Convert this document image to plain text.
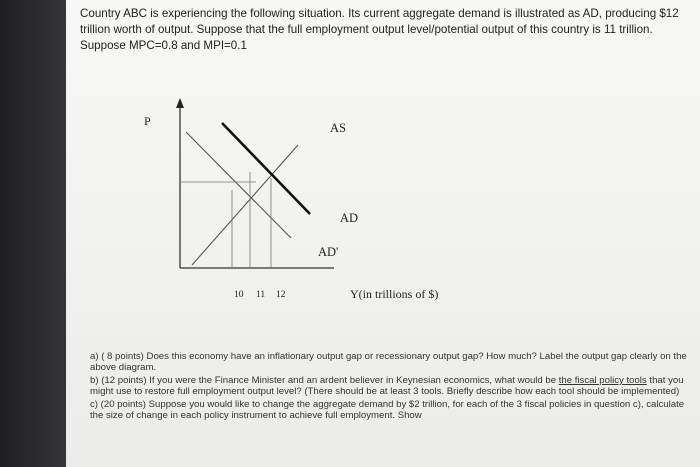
Country ABC is experiencing the following situation. Its current aggregate demand is illustrated as AD, producing $12 trillion worth of output. Suppose that the full employment output level/potential output of this country is 11 trillion. Suppose MPC=0.8 and MPI=0.1

P	AS
AD
AD'
10 11 12	Y(in trillions of $)

a) ( 8 points) Does this economy have an inflationary output gap or recessionary output gap? How much? Label the output gap clearly on the above diagram.

b) (12 points) If you were the Finance Minister and an ardent believer in Keynesian economics, what would be the fiscal policy tools that you might use to restore full employment output level? (There should be at least 3 tools. Briefly describe how each tool should be implemented)

c) (20 points) Suppose you would like to change the aggregate demand by $2 trillion, for each of the 3 fiscal policies in question c), calculate the size of change in each policy instrument to achieve full employment. Show
